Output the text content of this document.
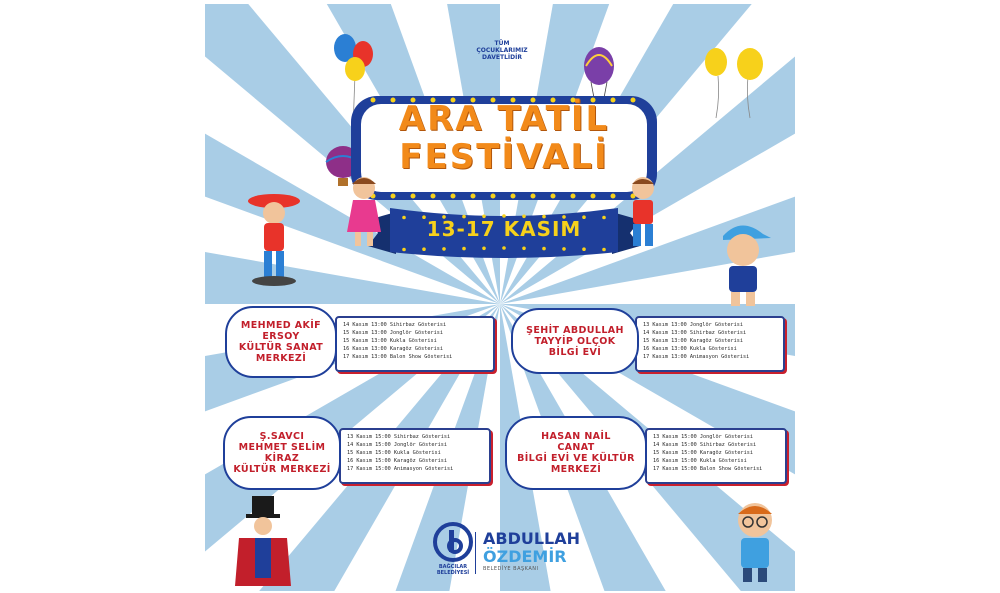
TÜM
ÇOCUKLARIMIZ
DAVETLİDİR
ARA TATİL
FESTİVALİ
13-17 KASIM
14 Kasım 13:00 Sihirbaz Gösterisi
15 Kasım 13:00 Jonglör Gösterisi
15 Kasım 13:00 Kukla Gösterisi
16 Kasım 13:00 Karagöz Gösterisi
17 Kasım 13:00 Balon Show Gösterisi
MEHMED AKİF
ERSOY
KÜLTÜR SANAT
MERKEZİ
13 Kasım 13:00 Jonglör Gösterisi
14 Kasım 13:00 Sihirbaz Gösterisi
15 Kasım 13:00 Karagöz Gösterisi
16 Kasım 13:00 Kukla Gösterisi
17 Kasım 13:00 Animasyon Gösterisi
ŞEHİT ABDULLAH
TAYYİP OLÇOK
BİLGİ EVİ
13 Kasım 15:00 Sihirbaz Gösterisi
14 Kasım 15:00 Jonglör Gösterisi
15 Kasım 15:00 Kukla Gösterisi
16 Kasım 15:00 Karagöz Gösterisi
17 Kasım 15:00 Animasyon Gösterisi
Ş.SAVCI
MEHMET SELİM
KİRAZ
KÜLTÜR MERKEZİ
13 Kasım 15:00 Jonglör Gösterisi
14 Kasım 15:00 Sihirbaz Gösterisi
15 Kasım 15:00 Karagöz Gösterisi
16 Kasım 15:00 Kukla Gösterisi
17 Kasım 15:00 Balon Show Gösterisi
HASAN NAİL
CANAT
BİLGİ EVİ VE KÜLTÜR
MERKEZİ
BAĞCILAR
BELEDİYESİ
ABDULLAH
ÖZDEMİR
BELEDİYE BAŞKANI
